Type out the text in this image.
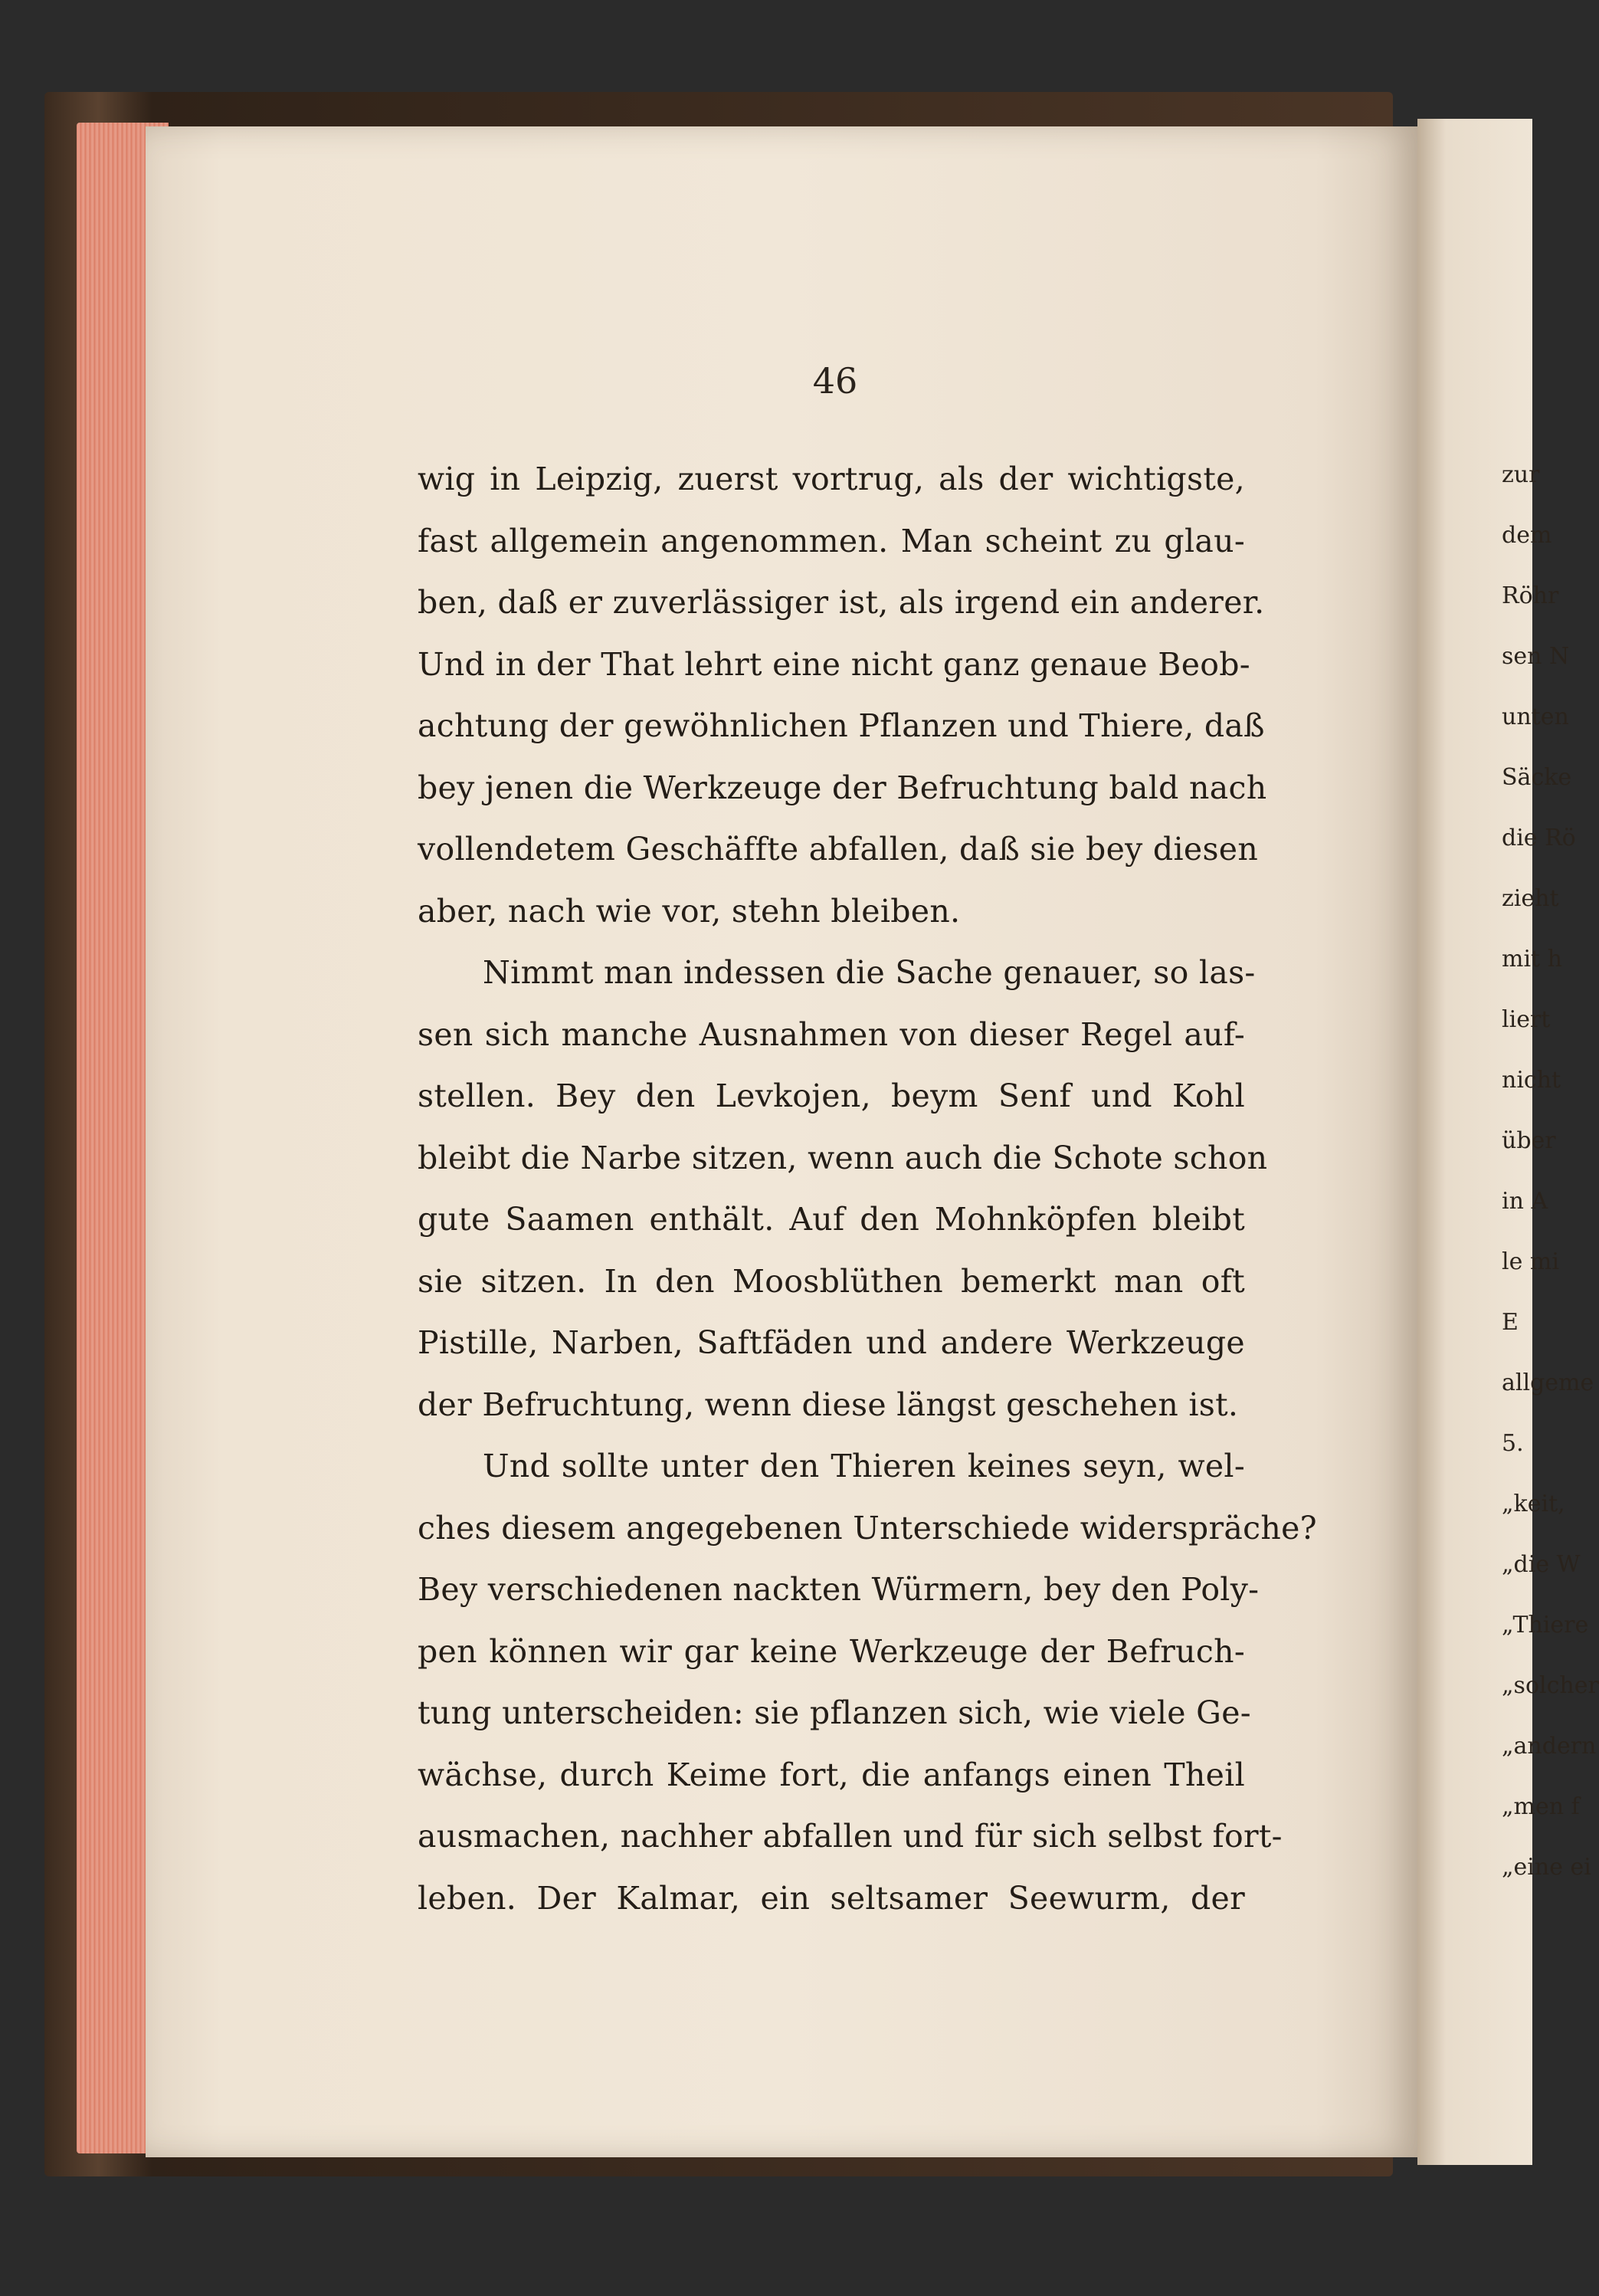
46
wig in Leipzig, zuerst vortrug, als der wichtigste,
fast allgemein angenommen. Man scheint zu glau-
ben, daß er zuverlässiger ist, als irgend ein anderer.
Und in der That lehrt eine nicht ganz genaue Beob-
achtung der gewöhnlichen Pflanzen und Thiere, daß
bey jenen die Werkzeuge der Befruchtung bald nach
vollendetem Geschäffte abfallen, daß sie bey diesen
aber, nach wie vor, stehn bleiben.
Nimmt man indessen die Sache genauer, so las-
sen sich manche Ausnahmen von dieser Regel auf-
stellen. Bey den Levkojen, beym Senf und Kohl
bleibt die Narbe sitzen, wenn auch die Schote schon
gute Saamen enthält. Auf den Mohnköpfen bleibt
sie sitzen. In den Moosblüthen bemerkt man oft
Pistille, Narben, Saftfäden und andere Werkzeuge
der Befruchtung, wenn diese längst geschehen ist.
Und sollte unter den Thieren keines seyn, wel-
ches diesem angegebenen Unterschiede widerspräche?
Bey verschiedenen nackten Würmern, bey den Poly-
pen können wir gar keine Werkzeuge der Befruch-
tung unterscheiden: sie pflanzen sich, wie viele Ge-
wächse, durch Keime fort, die anfangs einen Theil
ausmachen, nachher abfallen und für sich selbst fort-
leben. Der Kalmar, ein seltsamer Seewurm, der
zur
dem
Röhr
sen N
unten
Säcke
die Rö
zieht
mit h
liert
nicht
über
in A
le mi
E
allgeme
5.
„keit,
„die W
„Thiere
„solcher
„andern
„men f
„eine ei
